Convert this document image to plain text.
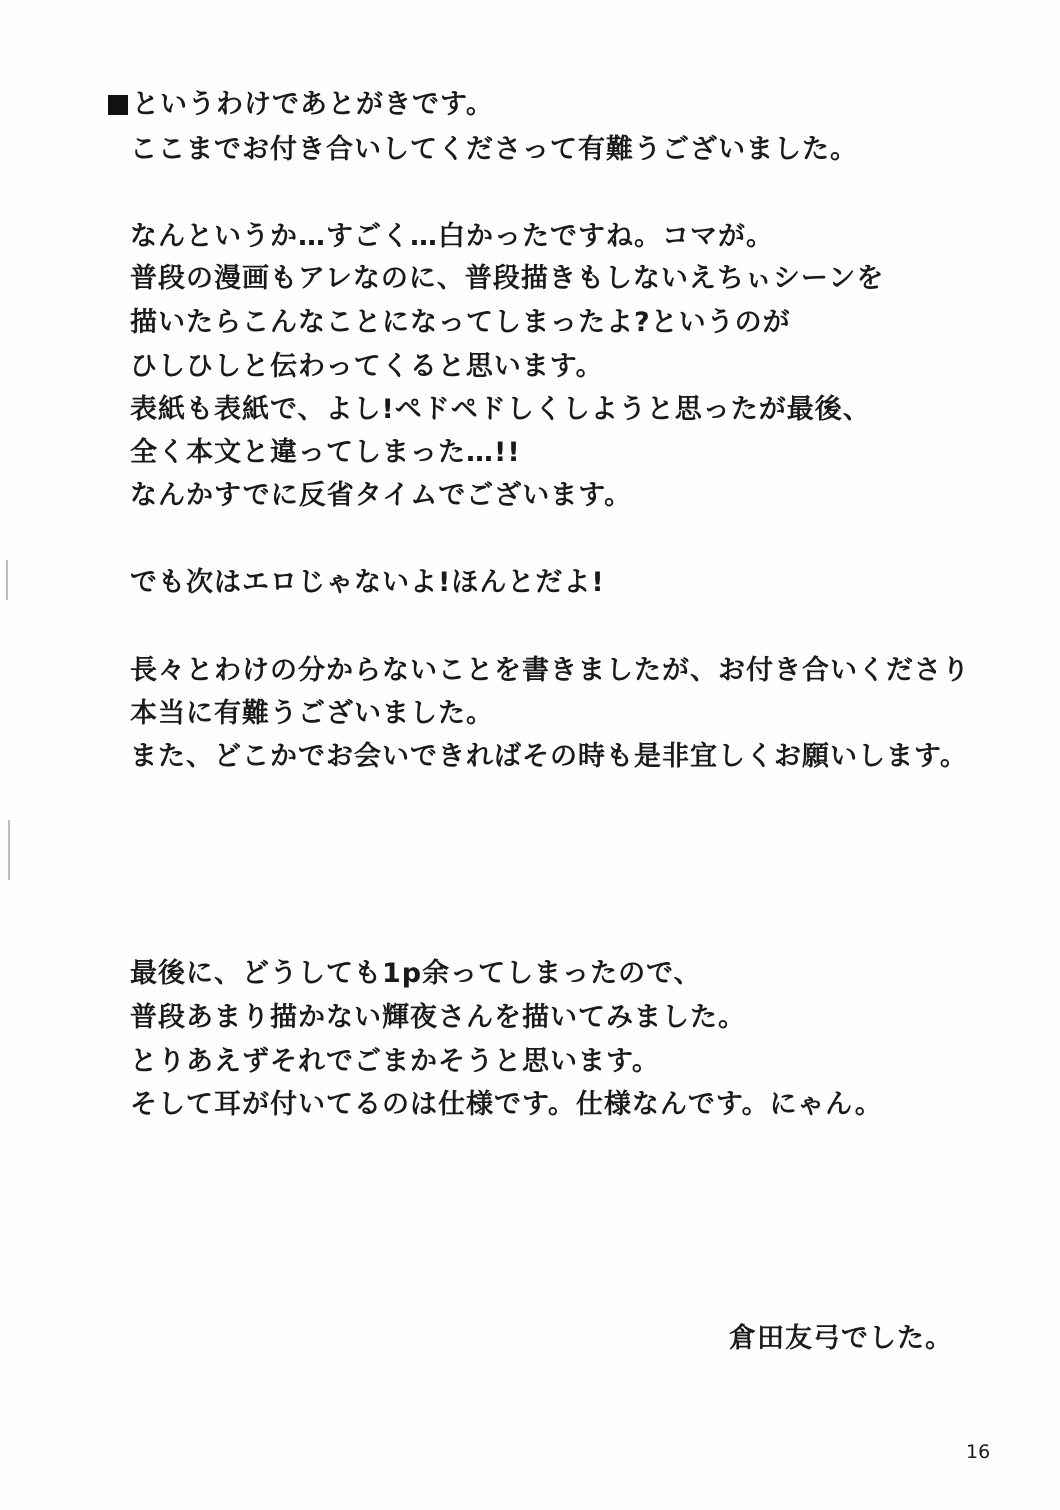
というわけであとがきです。
ここまでお付き合いしてくださって有難うございました。
なんというか…すごく…白かったですね。コマが。
普段の漫画もアレなのに、普段描きもしないえちぃシーンを
描いたらこんなことになってしまったよ?というのが
ひしひしと伝わってくると思います。
表紙も表紙で、よし!ペドペドしくしようと思ったが最後、
全く本文と違ってしまった…!!
なんかすでに反省タイムでございます。
でも次はエロじゃないよ!ほんとだよ!
長々とわけの分からないことを書きましたが、お付き合いくださり
本当に有難うございました。
また、どこかでお会いできればその時も是非宜しくお願いします。
最後に、どうしても1p余ってしまったので、
普段あまり描かない輝夜さんを描いてみました。
とりあえずそれでごまかそうと思います。
そして耳が付いてるのは仕様です。仕様なんです。にゃん。
倉田友弓でした。
16
